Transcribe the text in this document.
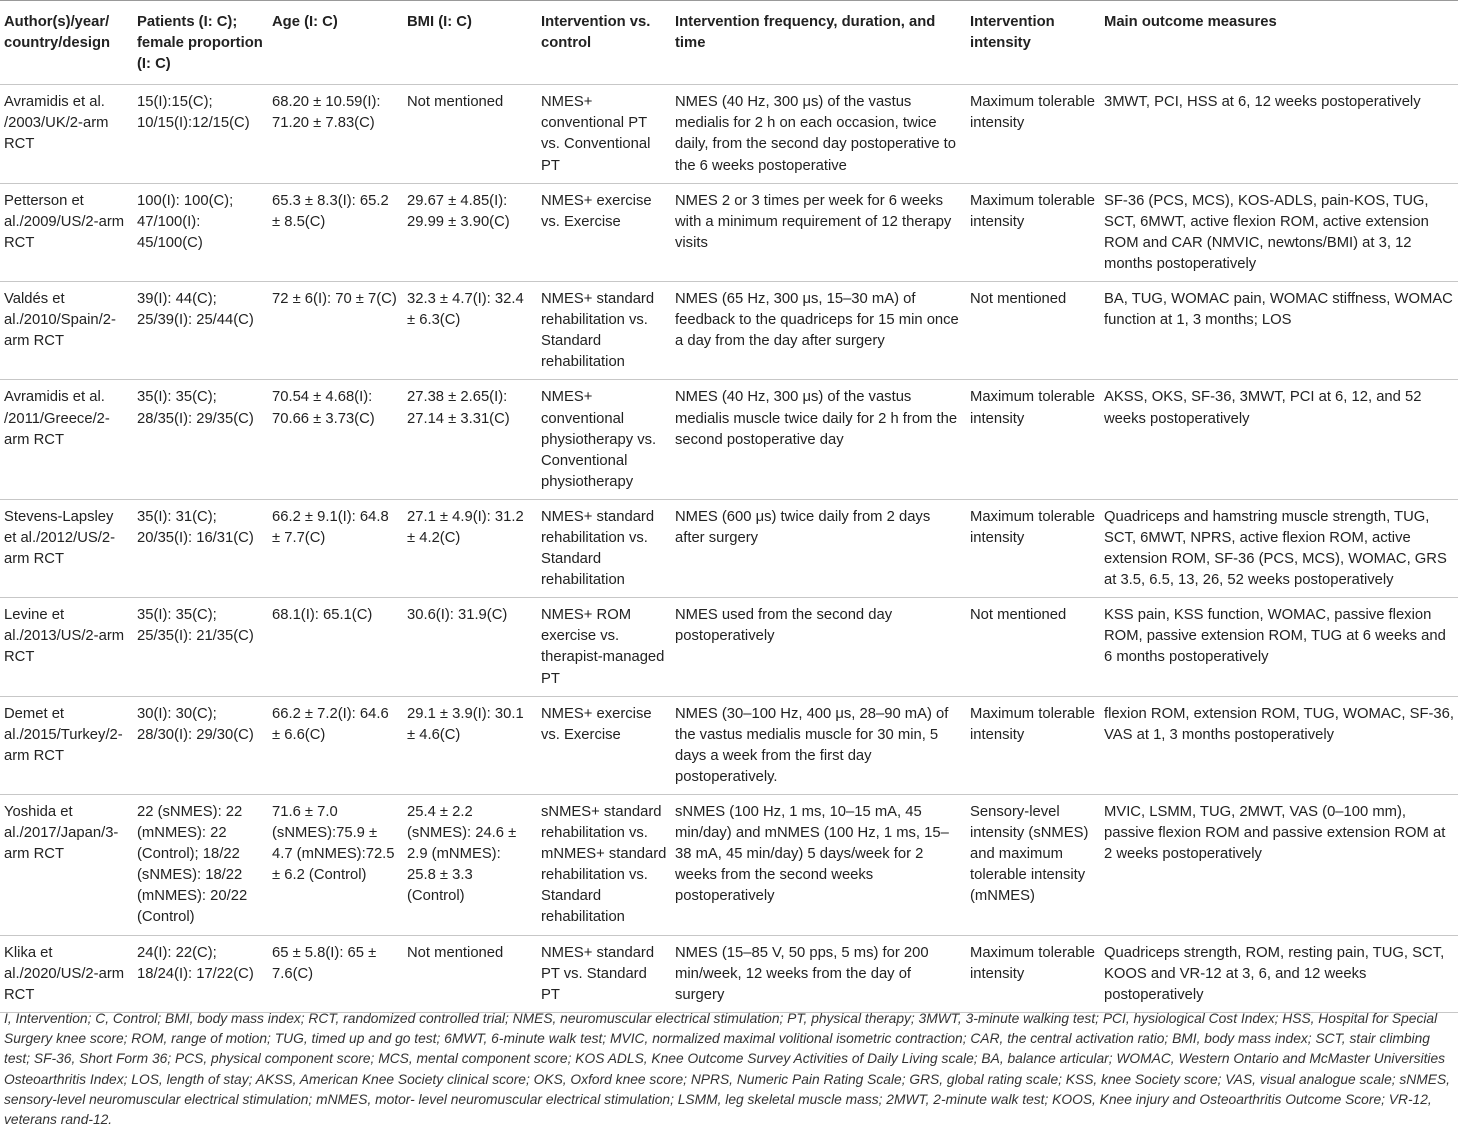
Author(s)/year/ country/design	Patients (I: C); female proportion (I: C)	Age (I: C)	BMI (I: C)	Intervention vs. control	Intervention frequency, duration, and time	Intervention intensity	Main outcome measures
Avramidis et al. /2003/UK/2-arm RCT	15(I):15(C); 10/15(I):12/15(C)	68.20 ± 10.59(I): 71.20 ± 7.83(C)	Not mentioned	NMES+ conventional PT vs. Conventional PT	NMES (40 Hz, 300 μs) of the vastus medialis for 2 h on each occasion, twice daily, from the second day postoperative to the 6 weeks postoperative	Maximum tolerable intensity	3MWT, PCI, HSS at 6, 12 weeks postoperatively
Petterson et al./2009/US/2-arm RCT	100(I): 100(C); 47/100(I): 45/100(C)	65.3 ± 8.3(I): 65.2 ± 8.5(C)	29.67 ± 4.85(I): 29.99 ± 3.90(C)	NMES+ exercise vs. Exercise	NMES 2 or 3 times per week for 6 weeks with a minimum requirement of 12 therapy visits	Maximum tolerable intensity	SF-36 (PCS, MCS), KOS-ADLS, pain-KOS, TUG, SCT, 6MWT, active flexion ROM, active extension ROM and CAR (NMVIC, newtons/BMI) at 3, 12 months postoperatively
Valdés et al./2010/Spain/2-arm RCT	39(I): 44(C); 25/39(I): 25/44(C)	72 ± 6(I): 70 ± 7(C)	32.3 ± 4.7(I): 32.4 ± 6.3(C)	NMES+ standard rehabilitation vs. Standard rehabilitation	NMES (65 Hz, 300 μs, 15–30 mA) of feedback to the quadriceps for 15 min once a day from the day after surgery	Not mentioned	BA, TUG, WOMAC pain, WOMAC stiffness, WOMAC function at 1, 3 months; LOS
Avramidis et al. /2011/Greece/2-arm RCT	35(I): 35(C); 28/35(I): 29/35(C)	70.54 ± 4.68(I): 70.66 ± 3.73(C)	27.38 ± 2.65(I): 27.14 ± 3.31(C)	NMES+ conventional physiotherapy vs. Conventional physiotherapy	NMES (40 Hz, 300 μs) of the vastus medialis muscle twice daily for 2 h from the second postoperative day	Maximum tolerable intensity	AKSS, OKS, SF-36, 3MWT, PCI at 6, 12, and 52 weeks postoperatively
Stevens-Lapsley et al./2012/US/2-arm RCT	35(I): 31(C); 20/35(I): 16/31(C)	66.2 ± 9.1(I): 64.8 ± 7.7(C)	27.1 ± 4.9(I): 31.2 ± 4.2(C)	NMES+ standard rehabilitation vs. Standard rehabilitation	NMES (600 μs) twice daily from 2 days after surgery	Maximum tolerable intensity	Quadriceps and hamstring muscle strength, TUG, SCT, 6MWT, NPRS, active flexion ROM, active extension ROM, SF-36 (PCS, MCS), WOMAC, GRS at 3.5, 6.5, 13, 26, 52 weeks postoperatively
Levine et al./2013/US/2-arm RCT	35(I): 35(C); 25/35(I): 21/35(C)	68.1(I): 65.1(C)	30.6(I): 31.9(C)	NMES+ ROM exercise vs. therapist-managed PT	NMES used from the second day postoperatively	Not mentioned	KSS pain, KSS function, WOMAC, passive flexion ROM, passive extension ROM, TUG at 6 weeks and 6 months postoperatively
Demet et al./2015/Turkey/2-arm RCT	30(I): 30(C); 28/30(I): 29/30(C)	66.2 ± 7.2(I): 64.6 ± 6.6(C)	29.1 ± 3.9(I): 30.1 ± 4.6(C)	NMES+ exercise vs. Exercise	NMES (30–100 Hz, 400 μs, 28–90 mA) of the vastus medialis muscle for 30 min, 5 days a week from the first day postoperatively.	Maximum tolerable intensity	flexion ROM, extension ROM, TUG, WOMAC, SF-36, VAS at 1, 3 months postoperatively
Yoshida et al./2017/Japan/3-arm RCT	22 (sNMES): 22 (mNMES): 22 (Control); 18/22 (sNMES): 18/22 (mNMES): 20/22 (Control)	71.6 ± 7.0 (sNMES):75.9 ± 4.7 (mNMES):72.5 ± 6.2 (Control)	25.4 ± 2.2 (sNMES): 24.6 ± 2.9 (mNMES): 25.8 ± 3.3 (Control)	sNMES+ standard rehabilitation vs. mNMES+ standard rehabilitation vs. Standard rehabilitation	sNMES (100 Hz, 1 ms, 10–15 mA, 45 min/day) and mNMES (100 Hz, 1 ms, 15–38 mA, 45 min/day) 5 days/week for 2 weeks from the second weeks postoperatively	Sensory-level intensity (sNMES) and maximum tolerable intensity (mNMES)	MVIC, LSMM, TUG, 2MWT, VAS (0–100 mm), passive flexion ROM and passive extension ROM at 2 weeks postoperatively
Klika et al./2020/US/2-arm RCT	24(I): 22(C); 18/24(I): 17/22(C)	65 ± 5.8(I): 65 ± 7.6(C)	Not mentioned	NMES+ standard PT vs. Standard PT	NMES (15–85 V, 50 pps, 5 ms) for 200 min/week, 12 weeks from the day of surgery	Maximum tolerable intensity	Quadriceps strength, ROM, resting pain, TUG, SCT, KOOS and VR-12 at 3, 6, and 12 weeks postoperatively

I, Intervention; C, Control; BMI, body mass index; RCT, randomized controlled trial; NMES, neuromuscular electrical stimulation; PT, physical therapy; 3MWT, 3-minute walking test; PCI, hysiological Cost Index; HSS, Hospital for Special Surgery knee score; ROM, range of motion; TUG, timed up and go test; 6MWT, 6-minute walk test; MVIC, normalized maximal volitional isometric contraction; CAR, the central activation ratio; BMI, body mass index; SCT, stair climbing test; SF-36, Short Form 36; PCS, physical component score; MCS, mental component score; KOS ADLS, Knee Outcome Survey Activities of Daily Living scale; BA, balance articular; WOMAC, Western Ontario and McMaster Universities Osteoarthritis Index; LOS, length of stay; AKSS, American Knee Society clinical score; OKS, Oxford knee score; NPRS, Numeric Pain Rating Scale; GRS, global rating scale; KSS, knee Society score; VAS, visual analogue scale; sNMES, sensory-level neuromuscular electrical stimulation; mNMES, motor- level neuromuscular electrical stimulation; LSMM, leg skeletal muscle mass; 2MWT, 2-minute walk test; KOOS, Knee injury and Osteoarthritis Outcome Score; VR-12, veterans rand-12.
